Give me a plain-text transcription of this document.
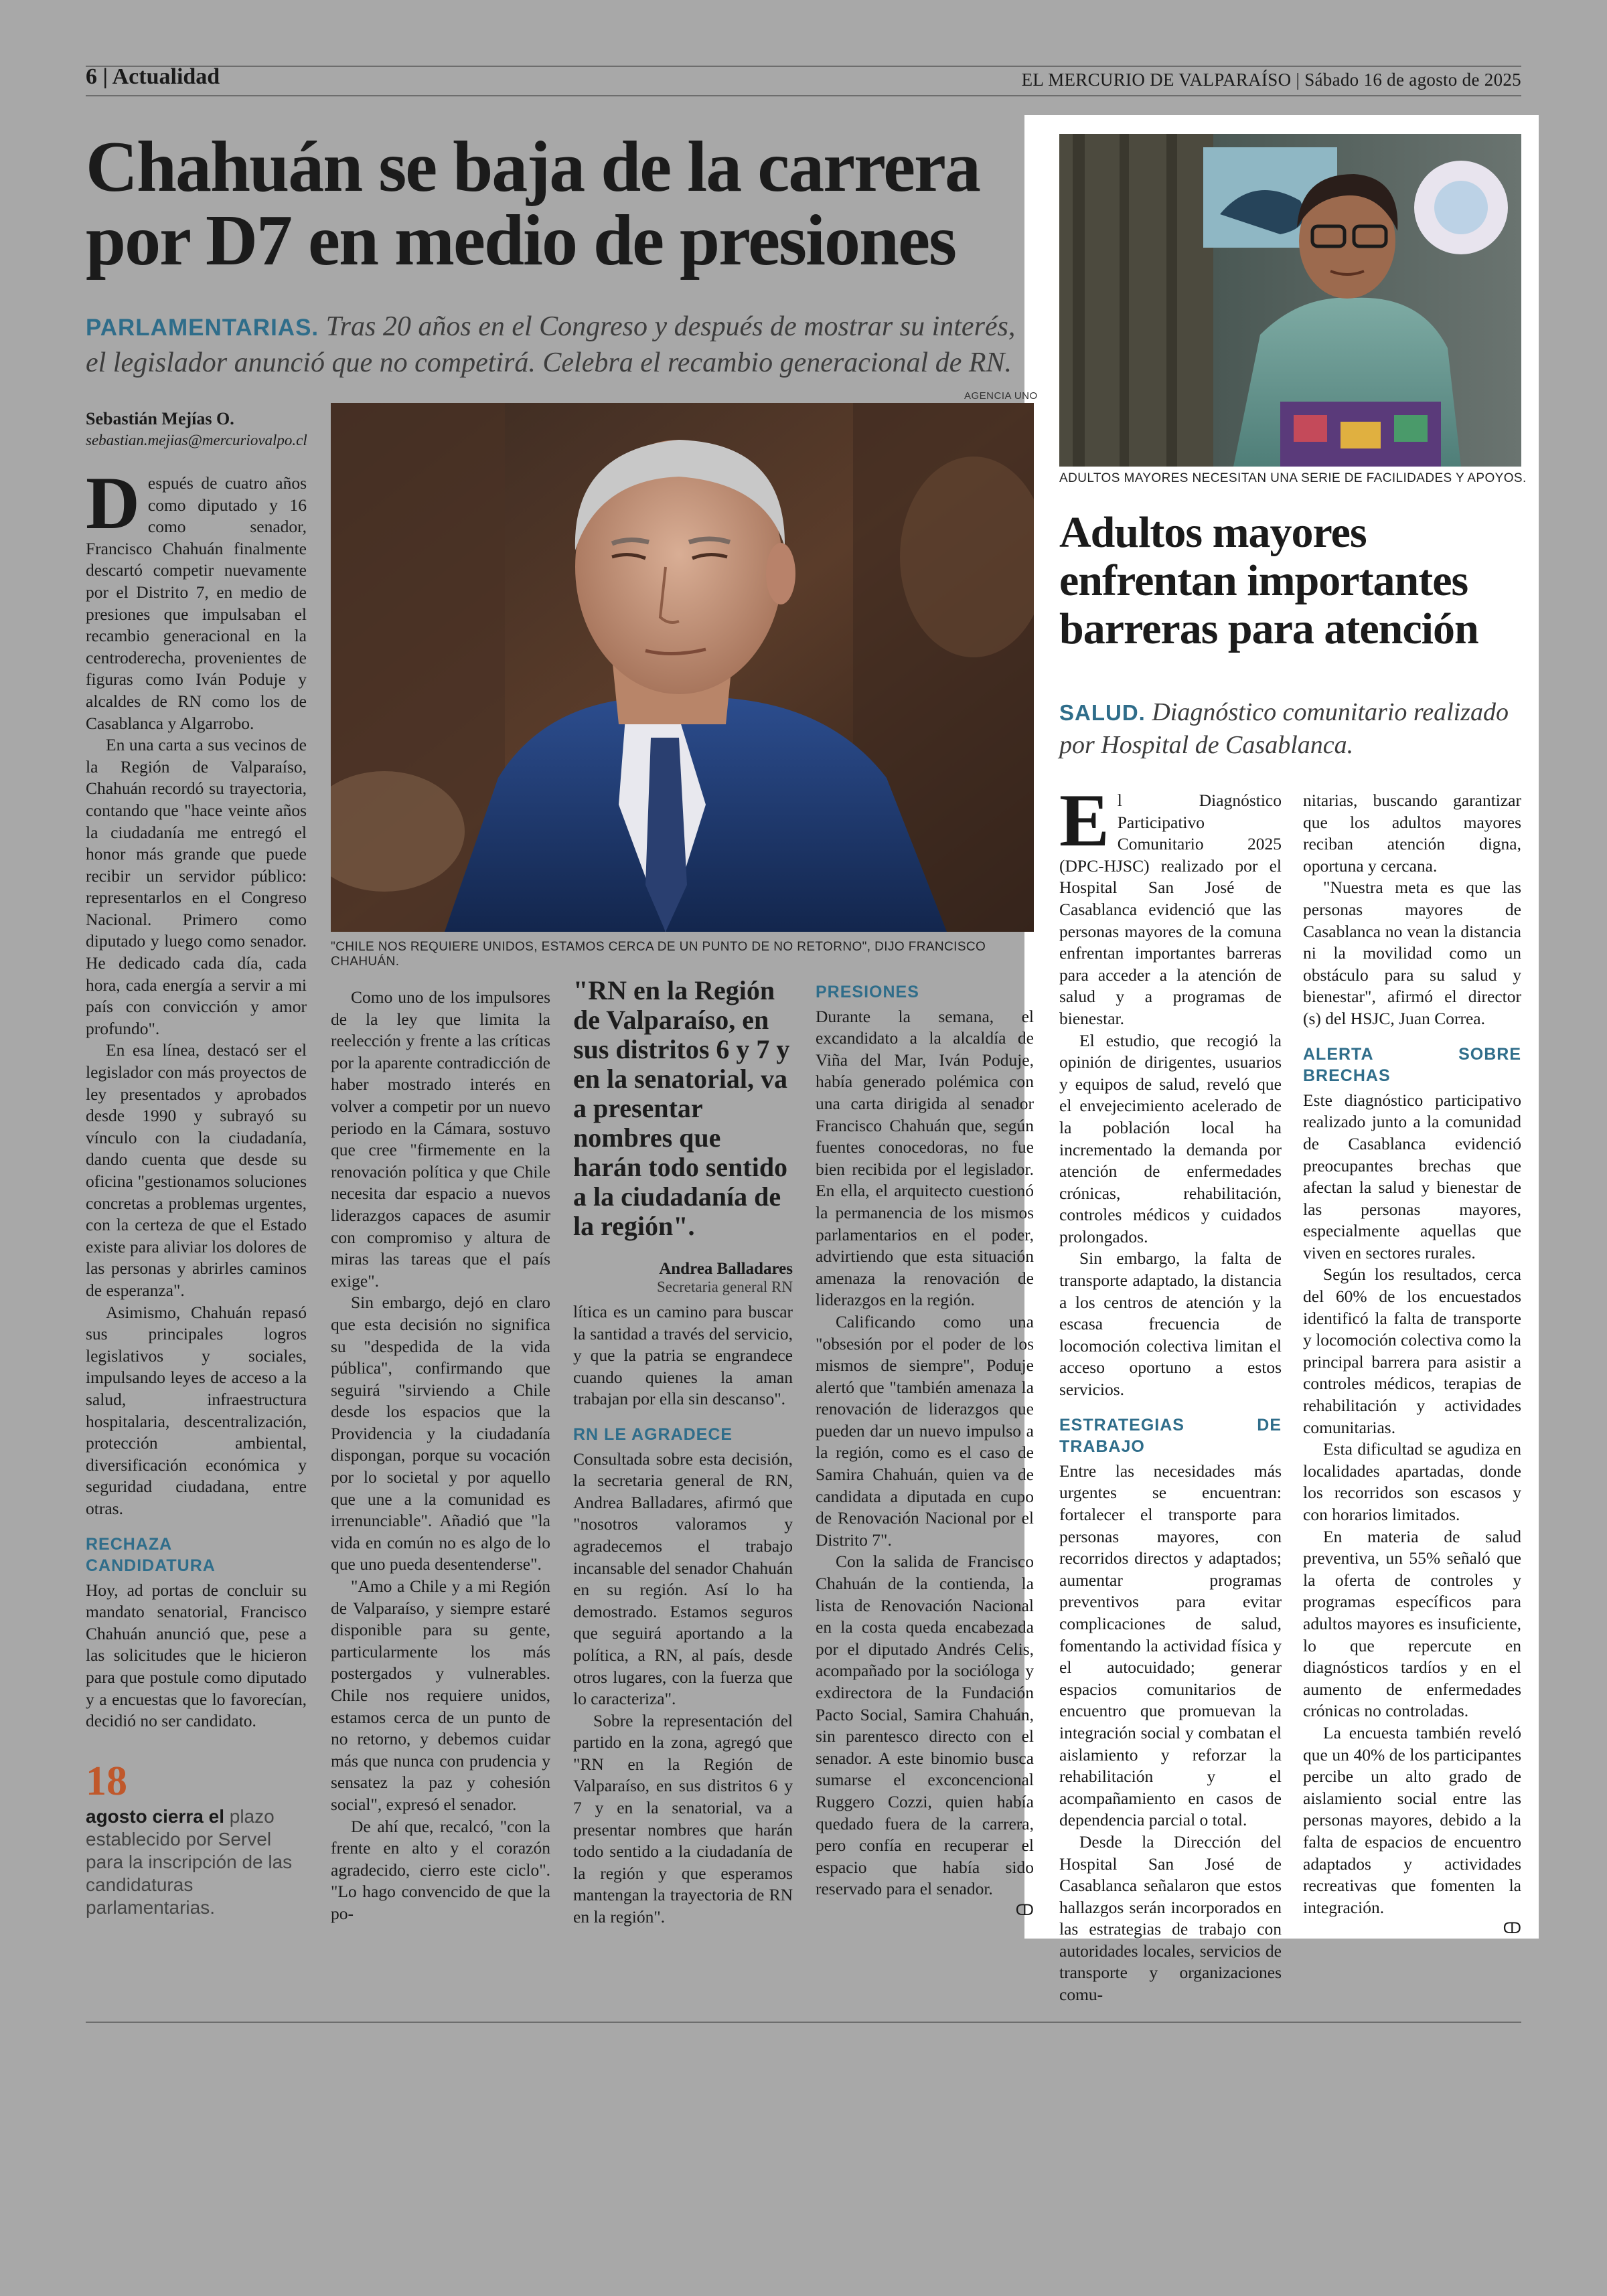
6 | Actualidad	EL MERCURIO DE VALPARAÍSO | Sábado 16 de agosto de 2025
Chahuán se baja de la carrera
por D7 en medio de presiones
PARLAMENTARIAS. Tras 20 años en el Congreso y después de mostrar su interés, el legislador anunció que no competirá. Celebra el recambio generacional de RN.
Sebastián Mejías O.
sebastian.mejias@mercuriovalpo.cl
AGENCIA UNO
"CHILE NOS REQUIERE UNIDOS, ESTAMOS CERCA DE UN PUNTO DE NO RETORNO", DIJO FRANCISCO CHAHUÁN.

Después de cuatro años como diputado y 16 como senador, Francisco Chahuán finalmente descartó competir nuevamente por el Distrito 7, en medio de presiones que impulsaban el recambio generacional en la centroderecha, provenientes de figuras como Iván Poduje y alcaldes de RN como los de Casablanca y Algarrobo.

En una carta a sus vecinos de la Región de Valparaíso, Chahuán recordó su trayectoria, contando que "hace veinte años la ciudadanía me entregó el honor más grande que puede recibir un servidor público: representarlos en el Congreso Nacional. Primero como diputado y luego como senador. He dedicado cada día, cada hora, cada energía a servir a mi país con convicción y amor profundo".

En esa línea, destacó ser el legislador con más proyectos de ley presentados y aprobados desde 1990 y subrayó su vínculo con la ciudadanía, dando cuenta que desde su oficina "gestionamos soluciones concretas a problemas urgentes, con la certeza de que el Estado existe para aliviar los dolores de las personas y abrirles caminos de esperanza".

Asimismo, Chahuán repasó sus principales logros legislativos y sociales, impulsando leyes de acceso a la salud, infraestructura hospitalaria, descentralización, protección ambiental, diversificación económica y seguridad ciudadana, entre otras.

RECHAZA CANDIDATURA

Hoy, ad portas de concluir su mandato senatorial, Francisco Chahuán anunció que, pese a las solicitudes que le hicieron para que postule como diputado y a encuestas que lo favorecían, decidió no ser candidato.

18
agosto cierra el plazo establecido por Servel para la inscripción de las candidaturas parlamentarias.

Como uno de los impulsores de la ley que limita la reelección y frente a las críticas por la aparente contradicción de haber mostrado interés en volver a competir por un nuevo periodo en la Cámara, sostuvo que cree "firmemente en la renovación política y que Chile necesita dar espacio a nuevos liderazgos capaces de asumir con compromiso y altura de miras las tareas que el país exige".

Sin embargo, dejó en claro que esta decisión no significa su "despedida de la vida pública", confirmando que seguirá "sirviendo a Chile desde los espacios que la Providencia y la ciudadanía dispongan, porque su vocación por lo societal y por aquello que une a la comunidad es irrenunciable". Añadió que "la vida en común no es algo de lo que uno pueda desentenderse".

"Amo a Chile y a mi Región de Valparaíso, y siempre estaré disponible para su gente, particularmente los más postergados y vulnerables. Chile nos requiere unidos, estamos cerca de un punto de no retorno, y debemos cuidar más que nunca con prudencia y sensatez la paz y cohesión social", expresó el senador.

De ahí que, recalcó, "con la frente en alto y el corazón agradecido, cierro este ciclo". "Lo hago convencido de que la po-

"RN en la Región de Valparaíso, en sus distritos 6 y 7 y en la senatorial, va a presentar nombres que harán todo sentido a la ciudadanía de la región".
Andrea Balladares
Secretaria general RN

lítica es un camino para buscar la santidad a través del servicio, y que la patria se engrandece cuando quienes la aman trabajan por ella sin descanso".

RN LE AGRADECE

Consultada sobre esta decisión, la secretaria general de RN, Andrea Balladares, afirmó que "nosotros valoramos y agradecemos el trabajo incansable del senador Chahuán en su región. Así lo ha demostrado. Estamos seguros que seguirá aportando a la política, a RN, al país, desde otros lugares, con la fuerza que lo caracteriza".

Sobre la representación del partido en la zona, agregó que "RN en la Región de Valparaíso, en sus distritos 6 y 7 y en la senatorial, va a presentar nombres que harán todo sentido a la ciudadanía de la región y que esperamos mantengan la trayectoria de RN en la región".

PRESIONES

Durante la semana, el excandidato a la alcaldía de Viña del Mar, Iván Poduje, había generado polémica con una carta dirigida al senador Francisco Chahuán que, según fuentes conocedoras, no fue bien recibida por el legislador. En ella, el arquitecto cuestionó la permanencia de los mismos parlamentarios en el poder, advirtiendo que esta situación amenaza la renovación de liderazgos en la región.

Calificando como una "obsesión por el poder de los mismos de siempre", Poduje alertó que "también amenaza la renovación de liderazgos que pueden dar un nuevo impulso a la región, como es el caso de Samira Chahuán, quien va de candidata a diputada en cupo de Renovación Nacional por el Distrito 7".

Con la salida de Francisco Chahuán de la contienda, la lista de Renovación Nacional en la costa queda encabezada por el diputado Andrés Celis, acompañado por la socióloga y exdirectora de la Fundación Pacto Social, Samira Chahuán, sin parentesco directo con el senador. A este binomio busca sumarse el exconcencional Ruggero Cozzi, quien había quedado fuera de la carrera, pero confía en recuperar el espacio que había sido reservado para el senador.

ↀ
ADULTOS MAYORES NECESITAN UNA SERIE DE FACILIDADES Y APOYOS.
Adultos mayores enfrentan importantes barreras para atención
SALUD. Diagnóstico comunitario realizado por Hospital de Casablanca.

El Diagnóstico Participativo Comunitario 2025 (DPC-HJSC) realizado por el Hospital San José de Casablanca evidenció que las personas mayores de la comuna enfrentan importantes barreras para acceder a la atención de salud y a programas de bienestar.

El estudio, que recogió la opinión de dirigentes, usuarios y equipos de salud, reveló que el envejecimiento acelerado de la población local ha incrementado la demanda por atención de enfermedades crónicas, rehabilitación, controles médicos y cuidados prolongados.

Sin embargo, la falta de transporte adaptado, la distancia a los centros de atención y la escasa frecuencia de locomoción colectiva limitan el acceso oportuno a estos servicios.

ESTRATEGIAS DE TRABAJO

Entre las necesidades más urgentes se encuentran: fortalecer el transporte para personas mayores, con recorridos directos y adaptados; aumentar programas preventivos para evitar complicaciones de salud, fomentando la actividad física y el autocuidado; generar espacios comunitarios de encuentro que promuevan la integración social y combatan el aislamiento y reforzar la rehabilitación y el acompañamiento en casos de dependencia parcial o total.

Desde la Dirección del Hospital San José de Casablanca señalaron que estos hallazgos serán incorporados en las estrategias de trabajo con autoridades locales, servicios de transporte y organizaciones comu-

nitarias, buscando garantizar que los adultos mayores reciban atención digna, oportuna y cercana.

"Nuestra meta es que las personas mayores de Casablanca no vean la distancia ni la movilidad como un obstáculo para su salud y bienestar", afirmó el director (s) del HSJC, Juan Correa.

ALERTA SOBRE BRECHAS

Este diagnóstico participativo realizado junto a la comunidad de Casablanca evidenció preocupantes brechas que afectan la salud y bienestar de las personas mayores, especialmente aquellas que viven en sectores rurales.

Según los resultados, cerca del 60% de los encuestados identificó la falta de transporte y locomoción colectiva como la principal barrera para asistir a controles médicos, terapias de rehabilitación y actividades comunitarias.

Esta dificultad se agudiza en localidades apartadas, donde los recorridos son escasos y con horarios limitados.

En materia de salud preventiva, un 55% señaló que la oferta de controles y programas específicos para adultos mayores es insuficiente, lo que repercute en diagnósticos tardíos y en el aumento de enfermedades crónicas no controladas.

La encuesta también reveló que un 40% de los participantes percibe un alto grado de aislamiento social entre las personas mayores, debido a la falta de espacios de encuentro adaptados y actividades recreativas que fomenten la integración.

ↀ
